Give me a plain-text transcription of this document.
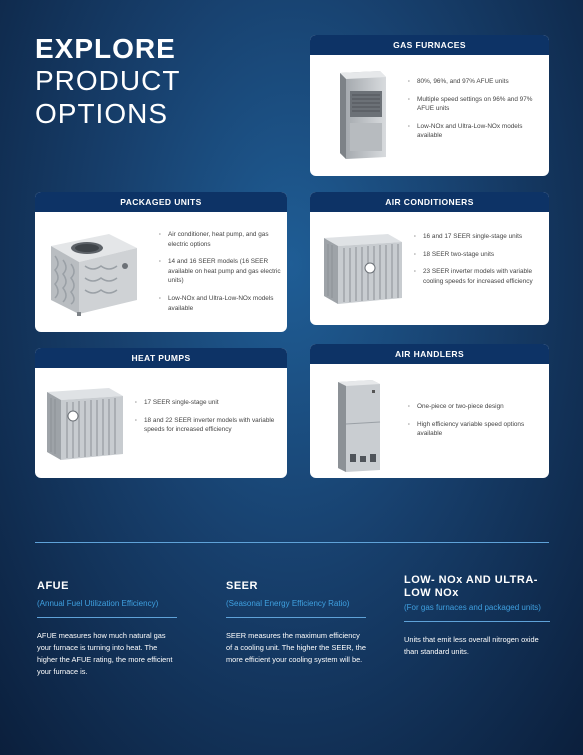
EXPLORE
PRODUCT
OPTIONS
GAS FURNACES
· 80%, 96%, and 97% AFUE units
· Multiple speed settings on 96% and 97% AFUE units
· Low-NOx and Ultra-Low-NOx models available
PACKAGED UNITS
· Air conditioner, heat pump, and gas electric options
· 14 and 16 SEER models (16 SEER available on heat pump and gas electric units)
· Low-NOx and Ultra-Low-NOx models available
AIR CONDITIONERS
· 16 and 17 SEER single-stage units
· 18 SEER two-stage units
· 23 SEER inverter models with variable cooling speeds for increased efficiency
HEAT PUMPS
· 17 SEER single-stage unit
· 18 and 22 SEER inverter models with variable speeds for increased efficiency
AIR HANDLERS
· One-piece or two-piece design
· High efficiency variable speed options available
AFUE
(Annual Fuel Utilization Efficiency)
AFUE measures how much natural gas your furnace is turning into heat. The higher the AFUE rating, the more efficient your furnace is.
SEER
(Seasonal Energy Efficiency Ratio)
SEER measures the maximum efficiency of a cooling unit. The higher the SEER, the more efficient your cooling system will be.
LOW- NOx AND ULTRA-LOW NOx
(For gas furnaces and packaged units)
Units that emit less overall nitrogen oxide than standard units.
